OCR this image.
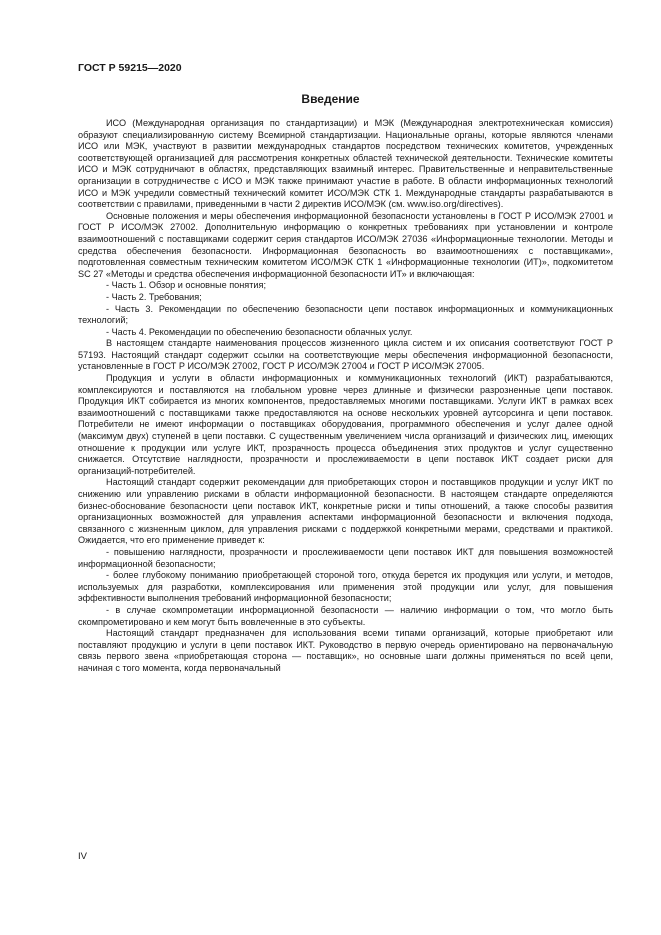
ГОСТ Р 59215—2020
Введение

ИСО (Международная организация по стандартизации) и МЭК (Международная электротехническая комиссия) образуют специализированную систему Всемирной стандартизации. Национальные органы, которые являются членами ИСО или МЭК, участвуют в развитии международных стандартов посредством технических комитетов, учрежденных соответствующей организацией для рассмотрения конкретных областей технической деятельности. Технические комитеты ИСО и МЭК сотрудничают в областях, представляющих взаимный интерес. Правительственные и неправительственные организации в сотрудничестве с ИСО и МЭК также принимают участие в работе. В области информационных технологий ИСО и МЭК учредили совместный технический комитет ИСО/МЭК СТК 1. Международные стандарты разрабатываются в соответствии с правилами, приведенными в части 2 директив ИСО/МЭК (см. www.iso.org/directives).

Основные положения и меры обеспечения информационной безопасности установлены в ГОСТ Р ИСО/МЭК 27001 и ГОСТ Р ИСО/МЭК 27002. Дополнительную информацию о конкретных требованиях при установлении и контроле взаимоотношений с поставщиками содержит серия стандартов ИСО/МЭК 27036 «Информационные технологии. Методы и средства обеспечения безопасности. Информационная безопасность во взаимоотношениях с поставщиками», подготовленная совместным техническим комитетом ИСО/МЭК СТК 1 «Информационные технологии (ИТ)», подкомитетом SC 27 «Методы и средства обеспечения информационной безопасности ИТ» и включающая:

- Часть 1. Обзор и основные понятия;

- Часть 2. Требования;

- Часть 3. Рекомендации по обеспечению безопасности цепи поставок информационных и коммуникационных технологий;

- Часть 4. Рекомендации по обеспечению безопасности облачных услуг.

В настоящем стандарте наименования процессов жизненного цикла систем и их описания соответствуют ГОСТ Р 57193. Настоящий стандарт содержит ссылки на соответствующие меры обеспечения информационной безопасности, установленные в ГОСТ Р ИСО/МЭК 27002, ГОСТ Р ИСО/МЭК 27004 и ГОСТ Р ИСО/МЭК 27005.

Продукция и услуги в области информационных и коммуникационных технологий (ИКТ) разрабатываются, комплексируются и поставляются на глобальном уровне через длинные и физически разрозненные цепи поставок. Продукция ИКТ собирается из многих компонентов, предоставляемых многими поставщиками. Услуги ИКТ в рамках всех взаимоотношений с поставщиками также предоставляются на основе нескольких уровней аутсорсинга и цепи поставок. Потребители не имеют информации о поставщиках оборудования, программного обеспечения и услуг далее одной (максимум двух) ступеней в цепи поставки. С существенным увеличением числа организаций и физических лиц, имеющих отношение к продукции или услуге ИКТ, прозрачность процесса объединения этих продуктов и услуг существенно снижается. Отсутствие наглядности, прозрачности и прослеживаемости в цепи поставок ИКТ создает риски для организаций-потребителей.

Настоящий стандарт содержит рекомендации для приобретающих сторон и поставщиков продукции и услуг ИКТ по снижению или управлению рисками в области информационной безопасности. В настоящем стандарте определяются бизнес-обоснование безопасности цепи поставок ИКТ, конкретные риски и типы отношений, а также способы развития организационных возможностей для управления аспектами информационной безопасности и включения подхода, связанного с жизненным циклом, для управления рисками с поддержкой конкретными мерами, средствами и практикой. Ожидается, что его применение приведет к:

- повышению наглядности, прозрачности и прослеживаемости цепи поставок ИКТ для повышения возможностей информационной безопасности;

- более глубокому пониманию приобретающей стороной того, откуда берется их продукция или услуги, и методов, используемых для разработки, комплексирования или применения этой продукции или услуг, для повышения эффективности выполнения требований информационной безопасности;

- в случае скомпрометации информационной безопасности — наличию информации о том, что могло быть скомпрометировано и кем могут быть вовлеченные в это субъекты.

Настоящий стандарт предназначен для использования всеми типами организаций, которые приобретают или поставляют продукцию и услуги в цепи поставок ИКТ. Руководство в первую очередь ориентировано на первоначальную связь первого звена «приобретающая сторона — поставщик», но основные шаги должны применяться по всей цепи, начиная с того момента, когда первоначальный

IV
